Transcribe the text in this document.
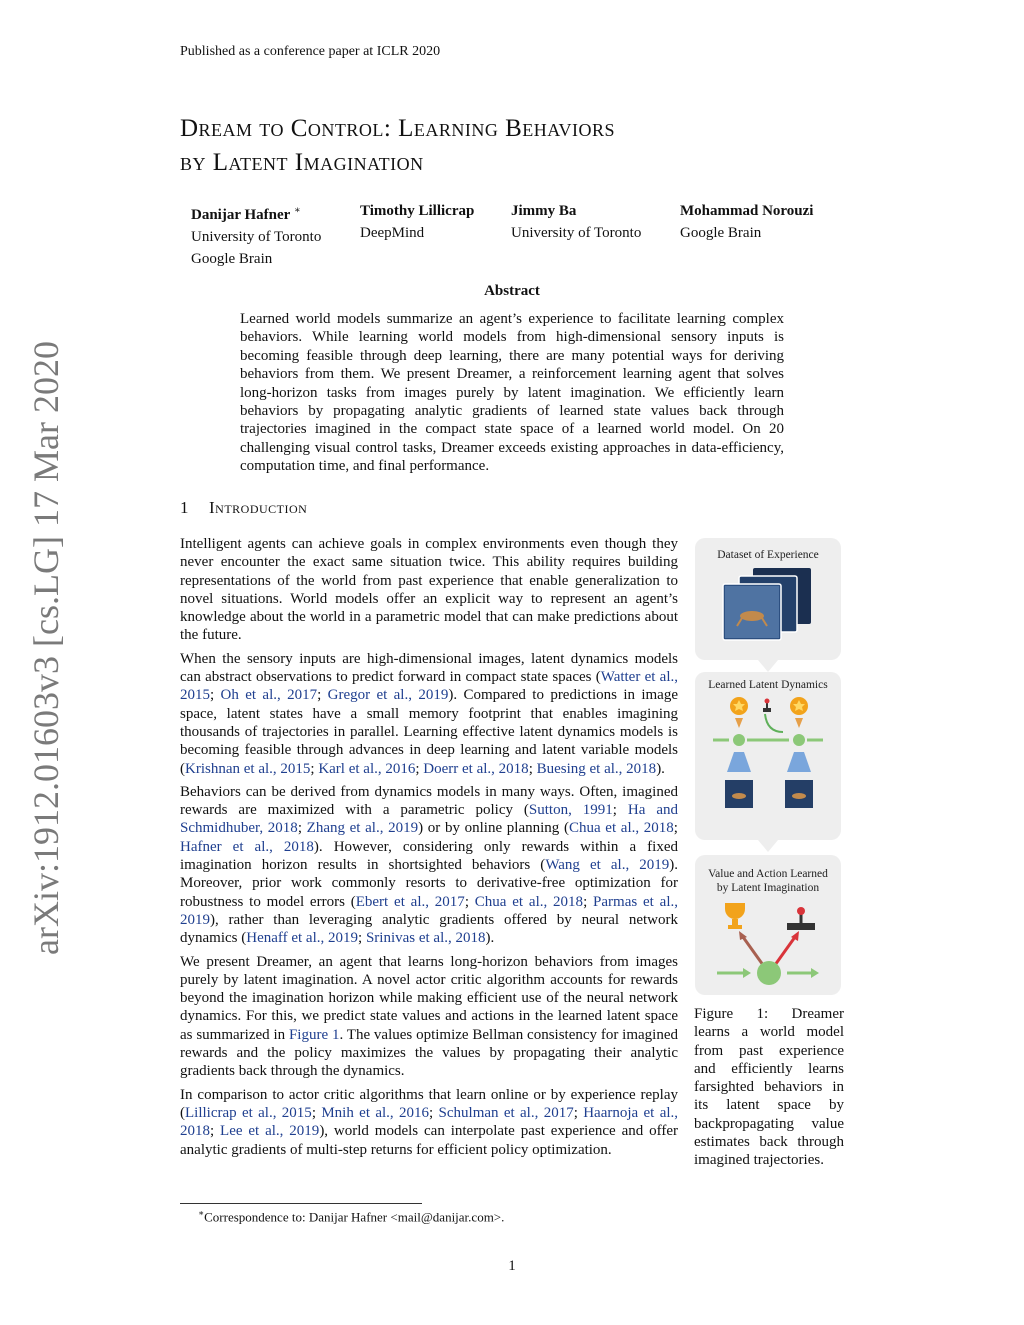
Published as a conference paper at ICLR 2020
Dream to Control: Learning Behaviors
by Latent Imagination
Danijar Hafner ∗
University of Toronto
Google Brain
Timothy Lillicrap
DeepMind
Jimmy Ba
University of Toronto
Mohammad Norouzi
Google Brain
Abstract
Learned world models summarize an agent’s experience to facilitate learning complex behaviors. While learning world models from high-dimensional sensory inputs is becoming feasible through deep learning, there are many potential ways for deriving behaviors from them. We present Dreamer, a reinforcement learning agent that solves long-horizon tasks from images purely by latent imagination. We efficiently learn behaviors by propagating analytic gradients of learned state values back through trajectories imagined in the compact state space of a learned world model. On 20 challenging visual control tasks, Dreamer exceeds existing approaches in data-efficiency, computation time, and final performance.
1 Introduction

Intelligent agents can achieve goals in complex environments even though they never encounter the exact same situation twice. This ability requires building representations of the world from past experience that enable generalization to novel situations. World models offer an explicit way to represent an agent’s knowledge about the world in a parametric model that can make predictions about the future.

When the sensory inputs are high-dimensional images, latent dynamics models can abstract observations to predict forward in compact state spaces (Watter et al., 2015; Oh et al., 2017; Gregor et al., 2019). Compared to predictions in image space, latent states have a small memory footprint that enables imagining thousands of trajectories in parallel. Learning effective latent dynamics models is becoming feasible through advances in deep learning and latent variable models (Krishnan et al., 2015; Karl et al., 2016; Doerr et al., 2018; Buesing et al., 2018).

Behaviors can be derived from dynamics models in many ways. Often, imagined rewards are maximized with a parametric policy (Sutton, 1991; Ha and Schmidhuber, 2018; Zhang et al., 2019) or by online planning (Chua et al., 2018; Hafner et al., 2018). However, considering only rewards within a fixed imagination horizon results in shortsighted behaviors (Wang et al., 2019). Moreover, prior work commonly resorts to derivative-free optimization for robustness to model errors (Ebert et al., 2017; Chua et al., 2018; Parmas et al., 2019), rather than leveraging analytic gradients offered by neural network dynamics (Henaff et al., 2019; Srinivas et al., 2018).

We present Dreamer, an agent that learns long-horizon behaviors from images purely by latent imagination. A novel actor critic algorithm accounts for rewards beyond the imagination horizon while making efficient use of the neural network dynamics. For this, we predict state values and actions in the learned latent space as summarized in Figure 1. The values optimize Bellman consistency for imagined rewards and the policy maximizes the values by propagating their analytic gradients back through the dynamics.

In comparison to actor critic algorithms that learn online or by experience replay (Lillicrap et al., 2015; Mnih et al., 2016; Schulman et al., 2017; Haarnoja et al., 2018; Lee et al., 2019), world models can interpolate past experience and offer analytic gradients of multi-step returns for efficient policy optimization.

arXiv:1912.01603v3 [cs.LG] 17 Mar 2020	Dataset of Experience
Learned Latent Dynamics
Value and Action Learned
by Latent Imagination
Figure 1: Dreamer learns a world model from past experience and efficiently learns farsighted behaviors in its latent space by backpropagating value estimates back through imagined trajectories.
∗Correspondence to: Danijar Hafner <mail@danijar.com>.
1
